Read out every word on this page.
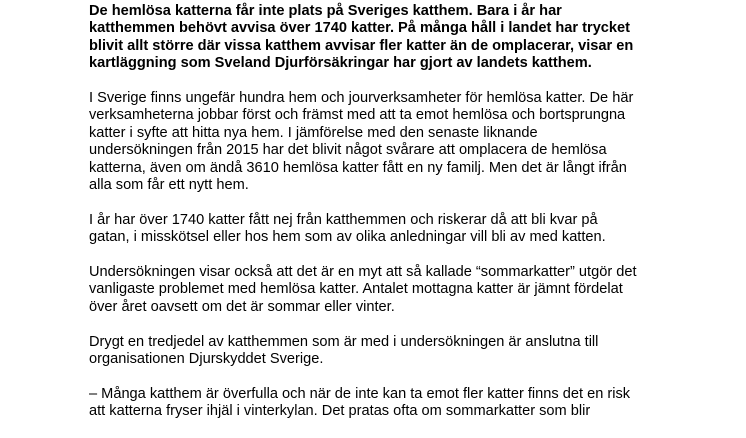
De hemlösa katterna får inte plats på Sveriges katthem. Bara i år har
katthemmen behövt avvisa över 1740 katter. På många håll i landet har trycket
blivit allt större där vissa katthem avvisar fler katter än de omplacerar, visar en
kartläggning som Sveland Djurförsäkringar har gjort av landets katthem.
I Sverige finns ungefär hundra hem och jourverksamheter för hemlösa katter. De här
verksamheterna jobbar först och främst med att ta emot hemlösa och bortsprungna
katter i syfte att hitta nya hem. I jämförelse med den senaste liknande
undersökningen från 2015 har det blivit något svårare att omplacera de hemlösa
katterna, även om ändå 3610 hemlösa katter fått en ny familj. Men det är långt ifrån
alla som får ett nytt hem.
I år har över 1740 katter fått nej från katthemmen och riskerar då att bli kvar på
gatan, i misskötsel eller hos hem som av olika anledningar vill bli av med katten.
Undersökningen visar också att det är en myt att så kallade “sommarkatter” utgör det
vanligaste problemet med hemlösa katter. Antalet mottagna katter är jämnt fördelat
över året oavsett om det är sommar eller vinter.
Drygt en tredjedel av katthemmen som är med i undersökningen är anslutna till
organisationen Djurskyddet Sverige.
– Många katthem är överfulla och när de inte kan ta emot fler katter finns det en risk
att katterna fryser ihjäl i vinterkylan. Det pratas ofta om sommarkatter som blir
